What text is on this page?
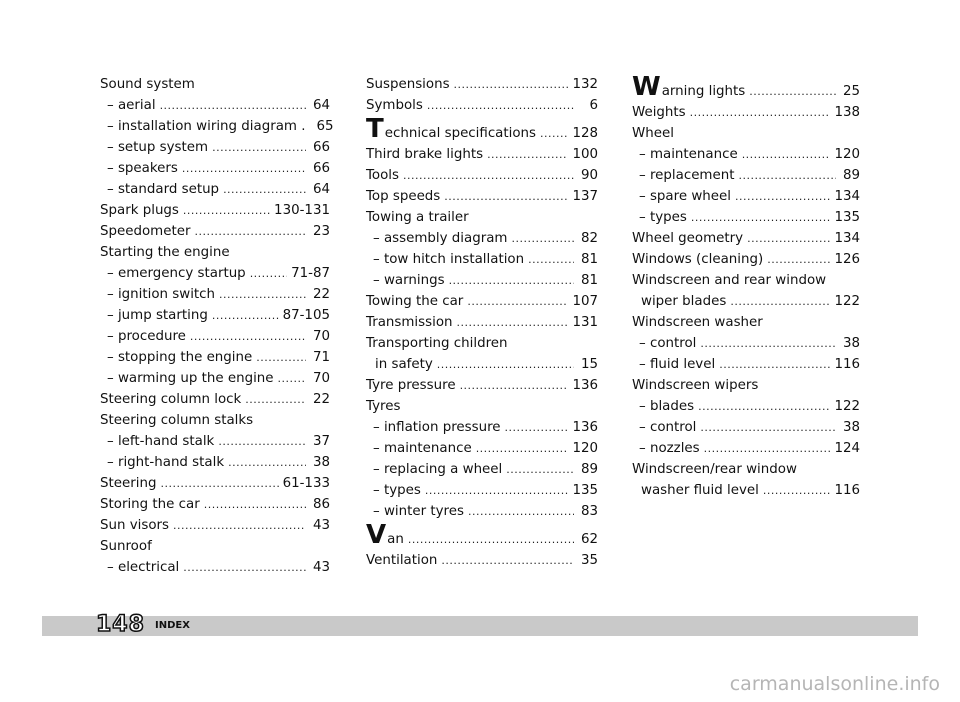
Sound system
– aerial .....	64
– installation wiring diagram . 65
– setup system .....	66
– speakers .....	66
– standard setup .....	64
Spark plugs .....	130-131
Speedometer .....	23
Starting the engine
– emergency startup .....	71-87
– ignition switch .....	22
– jump starting .....	87-105
– procedure .....	70
– stopping the engine .....	71
– warming up the engine .....	70
Steering column lock .....	22
Steering column stalks
– left-hand stalk .....	37
– right-hand stalk .....	38
Steering .....	61-133
Storing the car .....	86
Sun visors .....	43
Sunroof
– electrical .....	43
Suspensions .....	132
Symbols .....	6
Technical specifications .....	128
Third brake lights .....	100
Tools .....	90
Top speeds .....	137
Towing a trailer
– assembly diagram .....	82
– tow hitch installation .....	81
– warnings .....	81
Towing the car .....	107
Transmission .....	131
Transporting children
in safety .....	15
Tyre pressure .....	136
Tyres
– inflation pressure .....	136
– maintenance .....	120
– replacing a wheel .....	89
– types .....	135
– winter tyres .....	83
Van .....	62
Ventilation .....	35
Warning lights .....	25
Weights .....	138
Wheel
– maintenance .....	120
– replacement .....	89
– spare wheel .....	134
– types .....	135
Wheel geometry .....	134
Windows (cleaning) .....	126
Windscreen and rear window
wiper blades .....	122
Windscreen washer
– control .....	38
– fluid level .....	116
Windscreen wipers
– blades .....	122
– control .....	38
– nozzles .....	124
Windscreen/rear window
washer fluid level .....	116
148 INDEX
carmanualsonline.info
